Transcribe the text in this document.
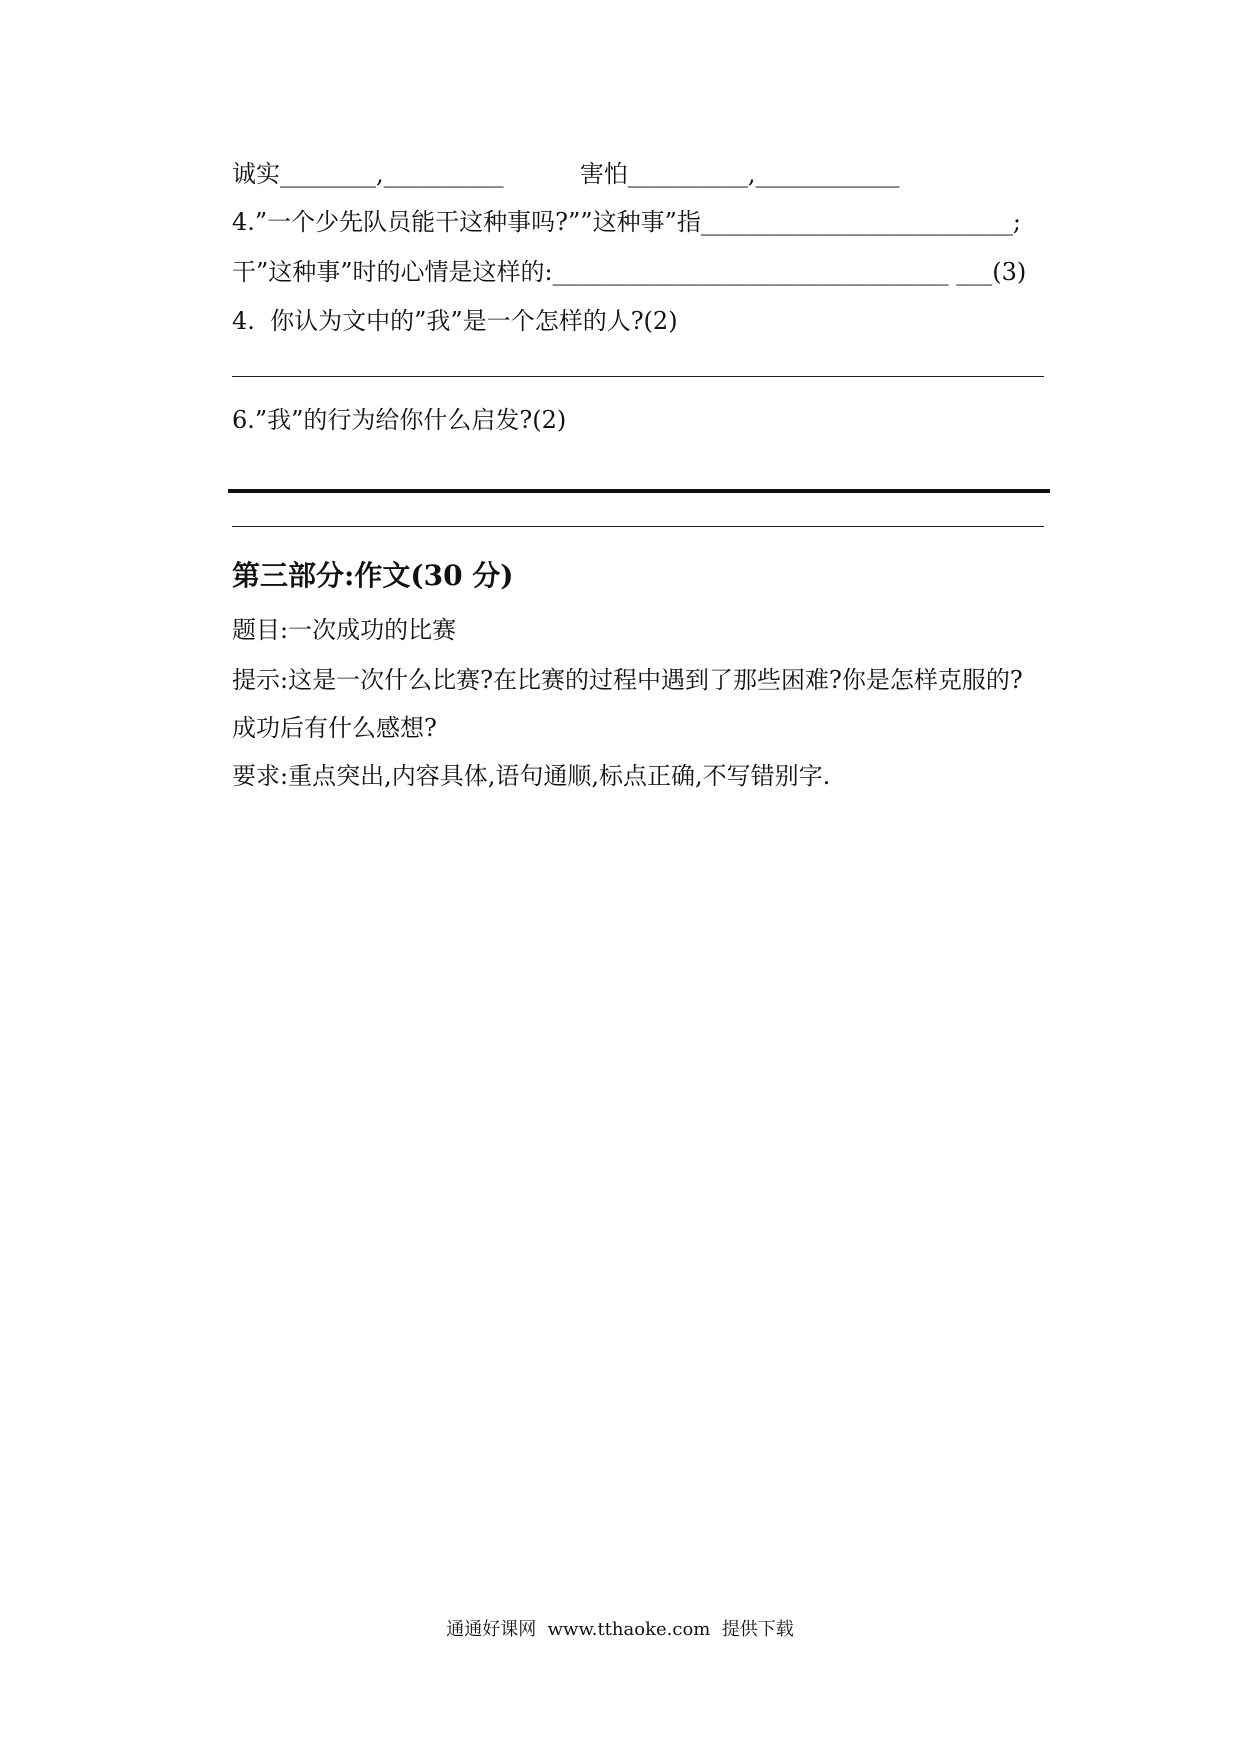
诚实________,__________          害怕__________,____________
4.”一个少先队员能干这种事吗?””这种事”指__________________________;
干”这种事”时的心情是这样的:_________________________________ ___(3)
4.  你认为文中的”我”是一个怎样的人?(2)
6.”我”的行为给你什么启发?(2)
第三部分:作文(30 分)
题目:一次成功的比赛
提示:这是一次什么比赛?在比赛的过程中遇到了那些困难?你是怎样克服的?
成功后有什么感想?
要求:重点突出,内容具体,语句通顺,标点正确,不写错别字.
通通好课网  www.tthaoke.com  提供下载
